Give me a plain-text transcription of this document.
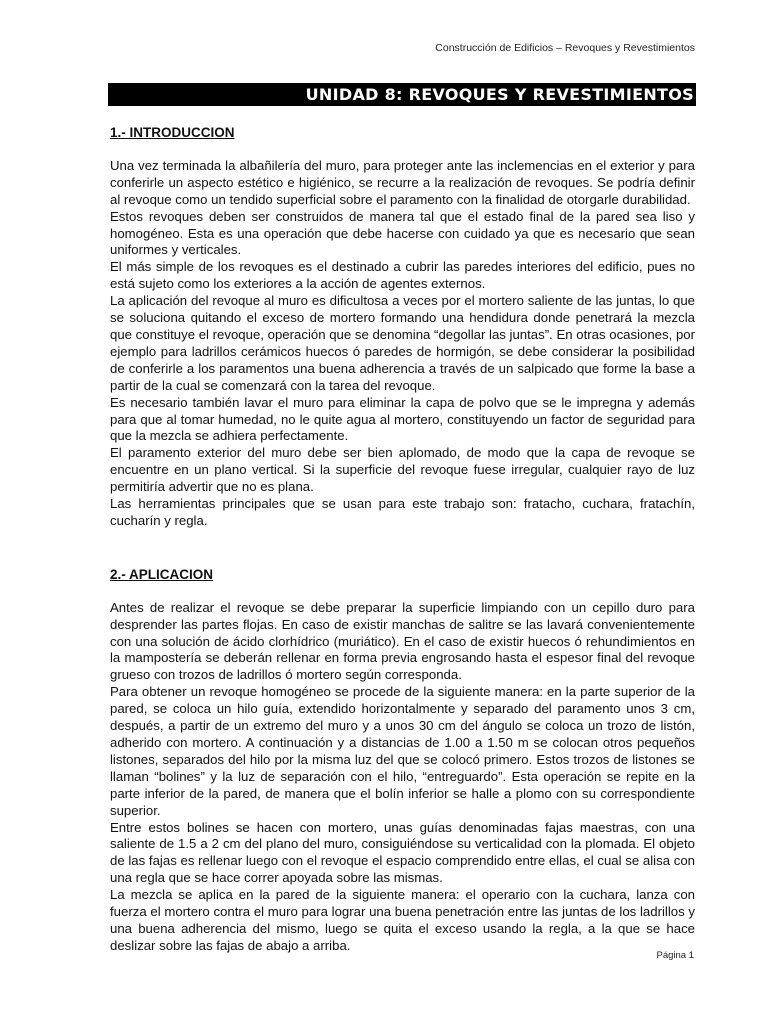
Construcción de Edificios – Revoques y Revestimientos
UNIDAD 8: REVOQUES Y REVESTIMIENTOS
1.- INTRODUCCION

Una vez terminada la albañilería del muro, para proteger ante las inclemencias en el exterior y para conferirle un aspecto estético e higiénico, se recurre a la realización de revoques. Se podría definir al revoque como un tendido superficial sobre el paramento con la finalidad de otorgarle durabilidad.

Estos revoques deben ser construidos de manera tal que el estado final de la pared sea liso y homogéneo. Esta es una operación que debe hacerse con cuidado ya que es necesario que sean uniformes y verticales.

El más simple de los revoques es el destinado a cubrir las paredes interiores del edificio, pues no está sujeto como los exteriores a la acción de agentes externos.

La aplicación del revoque al muro es dificultosa a veces por el mortero saliente de las juntas, lo que se soluciona quitando el exceso de mortero formando una hendidura donde penetrará la mezcla que constituye el revoque, operación que se denomina “degollar las juntas”. En otras ocasiones, por ejemplo para ladrillos cerámicos huecos ó paredes de hormigón, se debe considerar la posibilidad de conferirle a los paramentos una buena adherencia a través de un salpicado que forme la base a partir de la cual se comenzará con la tarea del revoque.

Es necesario también lavar el muro para eliminar la capa de polvo que se le impregna y además para que al tomar humedad, no le quite agua al mortero, constituyendo un factor de seguridad para que la mezcla se adhiera perfectamente.

El paramento exterior del muro debe ser bien aplomado, de modo que la capa de revoque se encuentre en un plano vertical. Si la superficie del revoque fuese irregular, cualquier rayo de luz permitiría advertir que no es plana.

Las herramientas principales que se usan para este trabajo son: fratacho, cuchara, fratachín, cucharín y regla.

2.- APLICACION

Antes de realizar el revoque se debe preparar la superficie limpiando con un cepillo duro para desprender las partes flojas. En caso de existir manchas de salitre se las lavará convenientemente con una solución de ácido clorhídrico (muriático). En el caso de existir huecos ó rehundimientos en la mampostería se deberán rellenar en forma previa engrosando hasta el espesor final del revoque grueso con trozos de ladrillos ó mortero según corresponda.

Para obtener un revoque homogéneo se procede de la siguiente manera: en la parte superior de la pared, se coloca un hilo guía, extendido horizontalmente y separado del paramento unos 3 cm, después, a partir de un extremo del muro y a unos 30 cm del ángulo se coloca un trozo de listón, adherido con mortero. A continuación y a distancias de 1.00 a 1.50 m se colocan otros pequeños listones, separados del hilo por la misma luz del que se colocó primero. Estos trozos de listones se llaman “bolines” y la luz de separación con el hilo, “entreguardo”. Esta operación se repite en la parte inferior de la pared, de manera que el bolín inferior se halle a plomo con su correspondiente superior.

Entre estos bolines se hacen con mortero, unas guías denominadas fajas maestras, con una saliente de 1.5 a 2 cm del plano del muro, consiguiéndose su verticalidad con la plomada. El objeto de las fajas es rellenar luego con el revoque el espacio comprendido entre ellas, el cual se alisa con una regla que se hace correr apoyada sobre las mismas.

La mezcla se aplica en la pared de la siguiente manera: el operario con la cuchara, lanza con fuerza el mortero contra el muro para lograr una buena penetración entre las juntas de los ladrillos y una buena adherencia del mismo, luego se quita el exceso usando la regla, a la que se hace deslizar sobre las fajas de abajo a arriba.

Página 1
